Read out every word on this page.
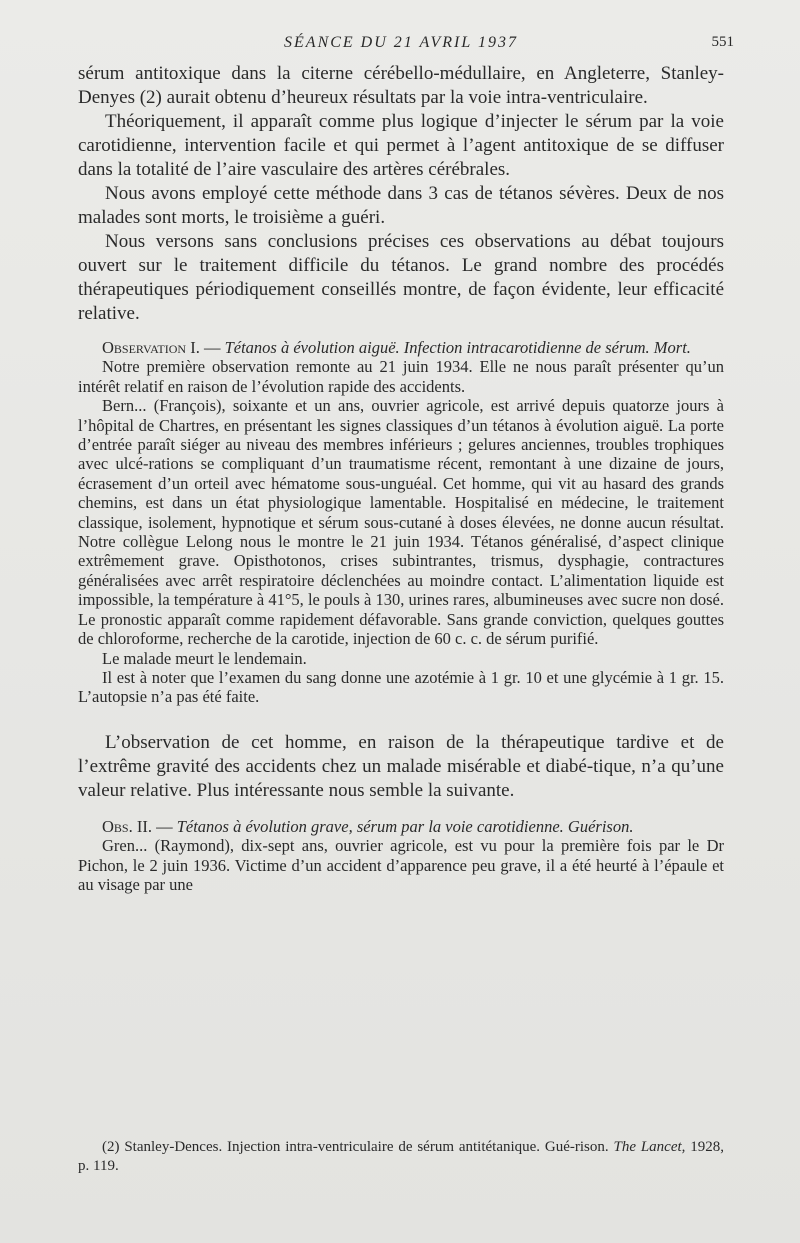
SÉANCE DU 21 AVRIL 1937	551

sérum antitoxique dans la citerne cérébello-médullaire, en Angleterre, Stanley-Denyes (2) aurait obtenu d’heureux résultats par la voie intra-ventriculaire.

Théoriquement, il apparaît comme plus logique d’injecter le sérum par la voie carotidienne, intervention facile et qui permet à l’agent antitoxique de se diffuser dans la totalité de l’aire vasculaire des artères cérébrales.

Nous avons employé cette méthode dans 3 cas de tétanos sévères. Deux de nos malades sont morts, le troisième a guéri.

Nous versons sans conclusions précises ces observations au débat toujours ouvert sur le traitement difficile du tétanos. Le grand nombre des procédés thérapeutiques périodiquement conseillés montre, de façon évidente, leur efficacité relative.

Observation I. — Tétanos à évolution aiguë. Infection intracarotidienne de sérum. Mort.

Notre première observation remonte au 21 juin 1934. Elle ne nous paraît présenter qu’un intérêt relatif en raison de l’évolution rapide des accidents.

Bern... (François), soixante et un ans, ouvrier agricole, est arrivé depuis quatorze jours à l’hôpital de Chartres, en présentant les signes classiques d’un tétanos à évolution aiguë. La porte d’entrée paraît siéger au niveau des membres inférieurs ; gelures anciennes, troubles trophiques avec ulcé-rations se compliquant d’un traumatisme récent, remontant à une dizaine de jours, écrasement d’un orteil avec hématome sous-unguéal. Cet homme, qui vit au hasard des grands chemins, est dans un état physiologique lamentable. Hospitalisé en médecine, le traitement classique, isolement, hypnotique et sérum sous-cutané à doses élevées, ne donne aucun résultat. Notre collègue Lelong nous le montre le 21 juin 1934. Tétanos généralisé, d’aspect clinique extrêmement grave. Opisthotonos, crises subintrantes, trismus, dysphagie, contractures généralisées avec arrêt respiratoire déclenchées au moindre contact. L’alimentation liquide est impossible, la température à 41°5, le pouls à 130, urines rares, albumineuses avec sucre non dosé. Le pronostic apparaît comme rapidement défavorable. Sans grande conviction, quelques gouttes de chloroforme, recherche de la carotide, injection de 60 c. c. de sérum purifié.

Le malade meurt le lendemain.

Il est à noter que l’examen du sang donne une azotémie à 1 gr. 10 et une glycémie à 1 gr. 15. L’autopsie n’a pas été faite.

L’observation de cet homme, en raison de la thérapeutique tardive et de l’extrême gravité des accidents chez un malade misérable et diabé-tique, n’a qu’une valeur relative. Plus intéressante nous semble la suivante.

Obs. II. — Tétanos à évolution grave, sérum par la voie carotidienne. Guérison.

Gren... (Raymond), dix-sept ans, ouvrier agricole, est vu pour la première fois par le Dr Pichon, le 2 juin 1936. Victime d’un accident d’apparence peu grave, il a été heurté à l’épaule et au visage par une

(2) Stanley-Dences. Injection intra-ventriculaire de sérum antitétanique. Gué-rison. The Lancet, 1928, p. 119.
